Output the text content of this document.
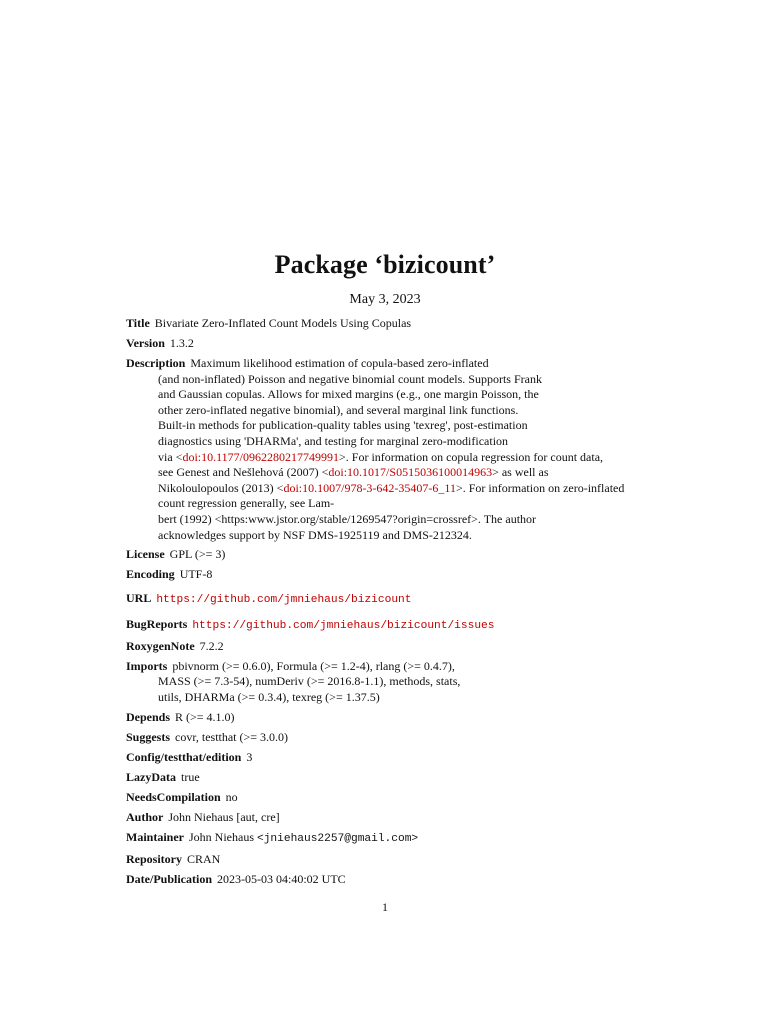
Package ‘bizicount’
May 3, 2023
Title Bivariate Zero-Inflated Count Models Using Copulas
Version 1.3.2
Description Maximum likelihood estimation of copula-based zero-inflated
(and non-inflated) Poisson and negative binomial count models. Supports Frank
and Gaussian copulas. Allows for mixed margins (e.g., one margin Poisson, the
other zero-inflated negative binomial), and several marginal link functions.
Built-in methods for publication-quality tables using 'texreg', post-estimation
diagnostics using 'DHARMa', and testing for marginal zero-modification
via <doi:10.1177/0962280217749991>. For information on copula regression for count data,
see Genest and Nešlehová (2007) <doi:10.1017/S0515036100014963> as well as
Nikoloulopoulos (2013) <doi:10.1007/978-3-642-35407-6_11>. For information on zero-inflated
count regression generally, see Lam-
bert (1992) <https:www.jstor.org/stable/1269547?origin=crossref>. The author
acknowledges support by NSF DMS-1925119 and DMS-212324.
License GPL (>= 3)
Encoding UTF-8
URL https://github.com/jmniehaus/bizicount
BugReports https://github.com/jmniehaus/bizicount/issues
RoxygenNote 7.2.2
Imports pbivnorm (>= 0.6.0), Formula (>= 1.2-4), rlang (>= 0.4.7),
MASS (>= 7.3-54), numDeriv (>= 2016.8-1.1), methods, stats,
utils, DHARMa (>= 0.3.4), texreg (>= 1.37.5)
Depends R (>= 4.1.0)
Suggests covr, testthat (>= 3.0.0)
Config/testthat/edition 3
LazyData true
NeedsCompilation no
Author John Niehaus [aut, cre]
Maintainer John Niehaus <jniehaus2257@gmail.com>
Repository CRAN
Date/Publication 2023-05-03 04:40:02 UTC
1
